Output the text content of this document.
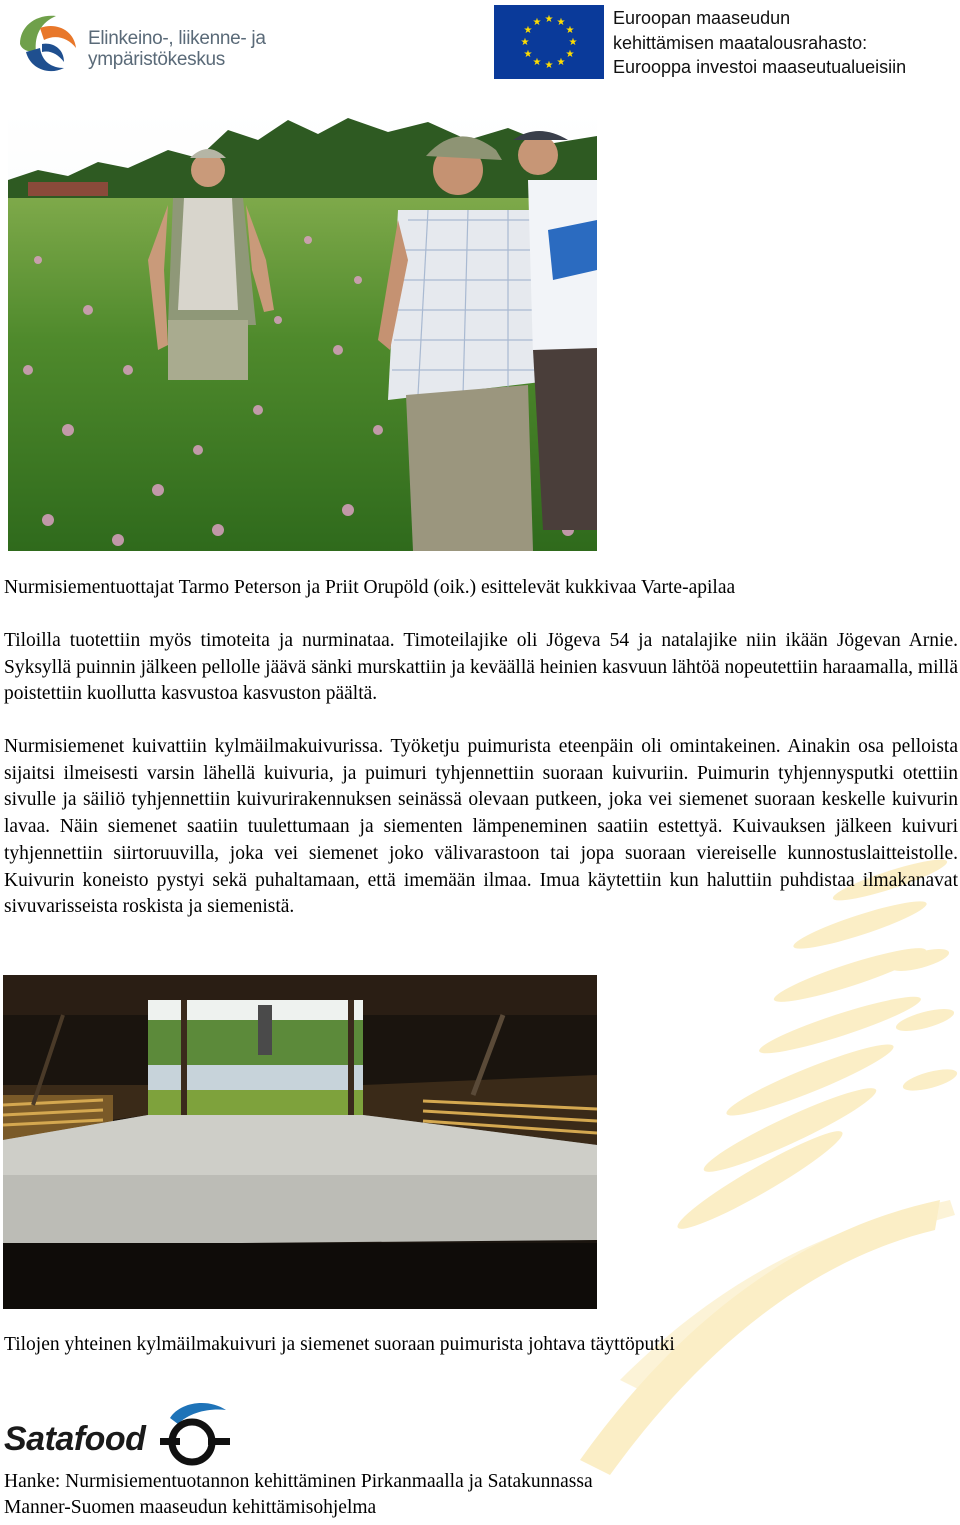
Elinkeino-, liikenne- ja
ympäristökeskus
★ ★
★
★
★
★
★
★
★
★
★
★	Euroopan maaseudun
kehittämisen maatalousrahasto:
Eurooppa investoi maaseutualueisiin

Nurmisiementuottajat Tarmo Peterson ja Priit Orupöld (oik.) esittelevät kukkivaa Varte-apilaa

Tiloilla tuotettiin myös timoteita ja nurminataa. Timoteilajike oli Jögeva 54 ja natalajike niin ikään Jögevan Arnie. Syksyllä puinnin jälkeen pellolle jäävä sänki murskattiin ja keväällä heinien kasvuun lähtöä nopeutettiin haraamalla, millä poistettiin kuollutta kasvustoa kasvuston päältä.

Nurmisiemenet kuivattiin kylmäilmakuivurissa. Työketju puimurista eteenpäin oli omintakeinen. Ainakin osa pelloista sijaitsi ilmeisesti varsin lähellä kuivuria, ja puimuri tyhjennettiin suoraan kuivuriin. Puimurin tyhjennysputki otettiin sivulle ja säiliö tyhjennettiin kuivurirakennuksen seinässä olevaan putkeen, joka vei siemenet suoraan keskelle kuivurin lavaa. Näin siemenet saatiin tuulettumaan ja siementen lämpeneminen saatiin estettyä. Kuivauksen jälkeen kuivuri tyhjennettiin siirtoruuvilla, joka vei siemenet joko välivarastoon tai jopa suoraan viereiselle kunnostuslaitteistolle. Kuivurin koneisto pystyi sekä puhaltamaan, että imemään ilmaa. Imua käytettiin kun haluttiin puhdistaa ilmakanavat sivuvarisseista roskista ja siemenistä.

Tilojen yhteinen kylmäilmakuivuri ja siemenet suoraan puimurista johtava täyttöputki

Satafood
Hanke: Nurmisiementuotannon kehittäminen Pirkanmaalla ja Satakunnassa
Manner-Suomen maaseudun kehittämisohjelma
